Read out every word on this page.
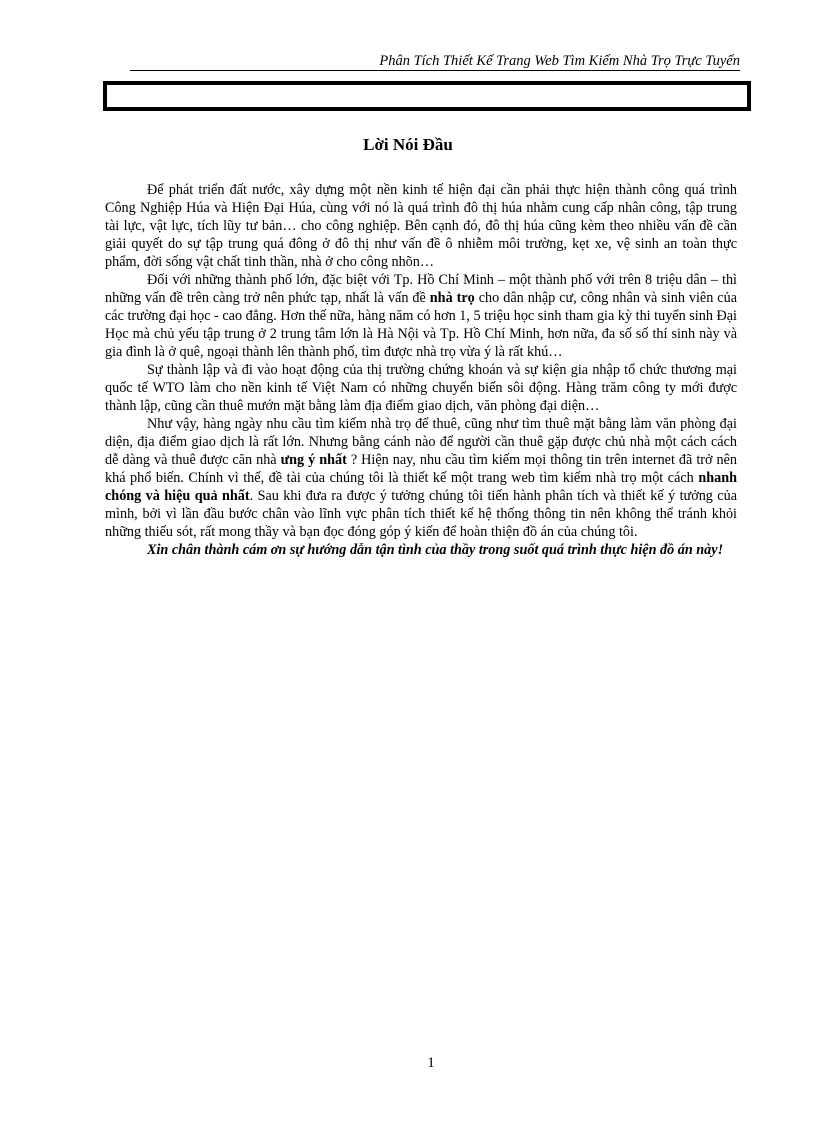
Phân Tích Thiết Kế Trang Web Tìm Kiếm Nhà Trọ Trực Tuyến
Lời Nói Đầu

Để phát triển đất nước, xây dựng một nền kinh tế hiện đại cần phải thực hiện thành công quá trình Công Nghiệp Húa và Hiện Đại Húa, cùng với nó là quá trình đô thị húa nhằm cung cấp nhân công, tập trung tài lực, vật lực, tích lũy tư bản… cho công nghiệp. Bên cạnh đó, đô thị húa cũng kèm theo nhiều vấn đề cần giải quyết do sự tập trung quá đông ở đô thị như vấn đề ô nhiễm môi trường, kẹt xe, vệ sinh an toàn thực phẩm, đời sống vật chất tinh thần, nhà ở cho công nhõn…

Đối với những thành phố lớn, đặc biệt với Tp. Hồ Chí Minh – một thành phố với trên 8 triệu dân – thì những vấn đề trên càng trở nên phức tạp, nhất là vấn đề nhà trọ cho dân nhập cư, công nhân và sinh viên của các trường đại học - cao đẳng. Hơn thế nữa, hàng năm có hơn 1, 5 triệu học sinh tham gia kỳ thi tuyển sinh Đại Học mà chủ yếu tập trung ở 2 trung tâm lớn là Hà Nội và Tp. Hồ Chí Minh, hơn nữa, đa số số thí sinh này và gia đình là ở quê, ngoại thành lên thành phố, tìm được nhà trọ vừa ý là rất khú…

Sự thành lập và đi vào hoạt động của thị trường chứng khoán và sự kiện gia nhập tổ chức thương mại quốc tế WTO làm cho nền kinh tế Việt Nam có những chuyển biến sôi động. Hàng trăm công ty mới được thành lập, cũng cần thuê mướn mặt bằng làm địa điểm giao dịch, văn phòng đại diện…

Như vậy, hàng ngày nhu cầu tìm kiếm nhà trọ để thuê, cũng như tìm thuê mặt bằng làm văn phòng đại diện, địa điểm giao dịch là rất lớn. Nhưng bằng cánh nào để người cần thuê gặp được chủ nhà một cách cách dễ dàng và thuê được căn nhà ưng ý nhất ? Hiện nay, nhu cầu tìm kiếm mọi thông tin trên internet đã trở nên khá phổ biến. Chính vì thế, đề tài của chúng tôi là thiết kế một trang web tìm kiếm nhà trọ một cách nhanh chóng và hiệu quả nhất. Sau khi đưa ra được ý tưởng chúng tôi tiến hành phân tích và thiết kế ý tưởng của mình, bởi vì lần đầu bước chân vào lĩnh vực phân tích thiết kế hệ thống thông tin nên không thể tránh khỏi những thiếu sót, rất mong thầy và bạn đọc đóng góp ý kiến để hoàn thiện đồ án của chúng tôi.

Xin chân thành cám ơn sự hướng dẫn tận tình của thầy trong suốt quá trình thực hiện đồ án này!

1
